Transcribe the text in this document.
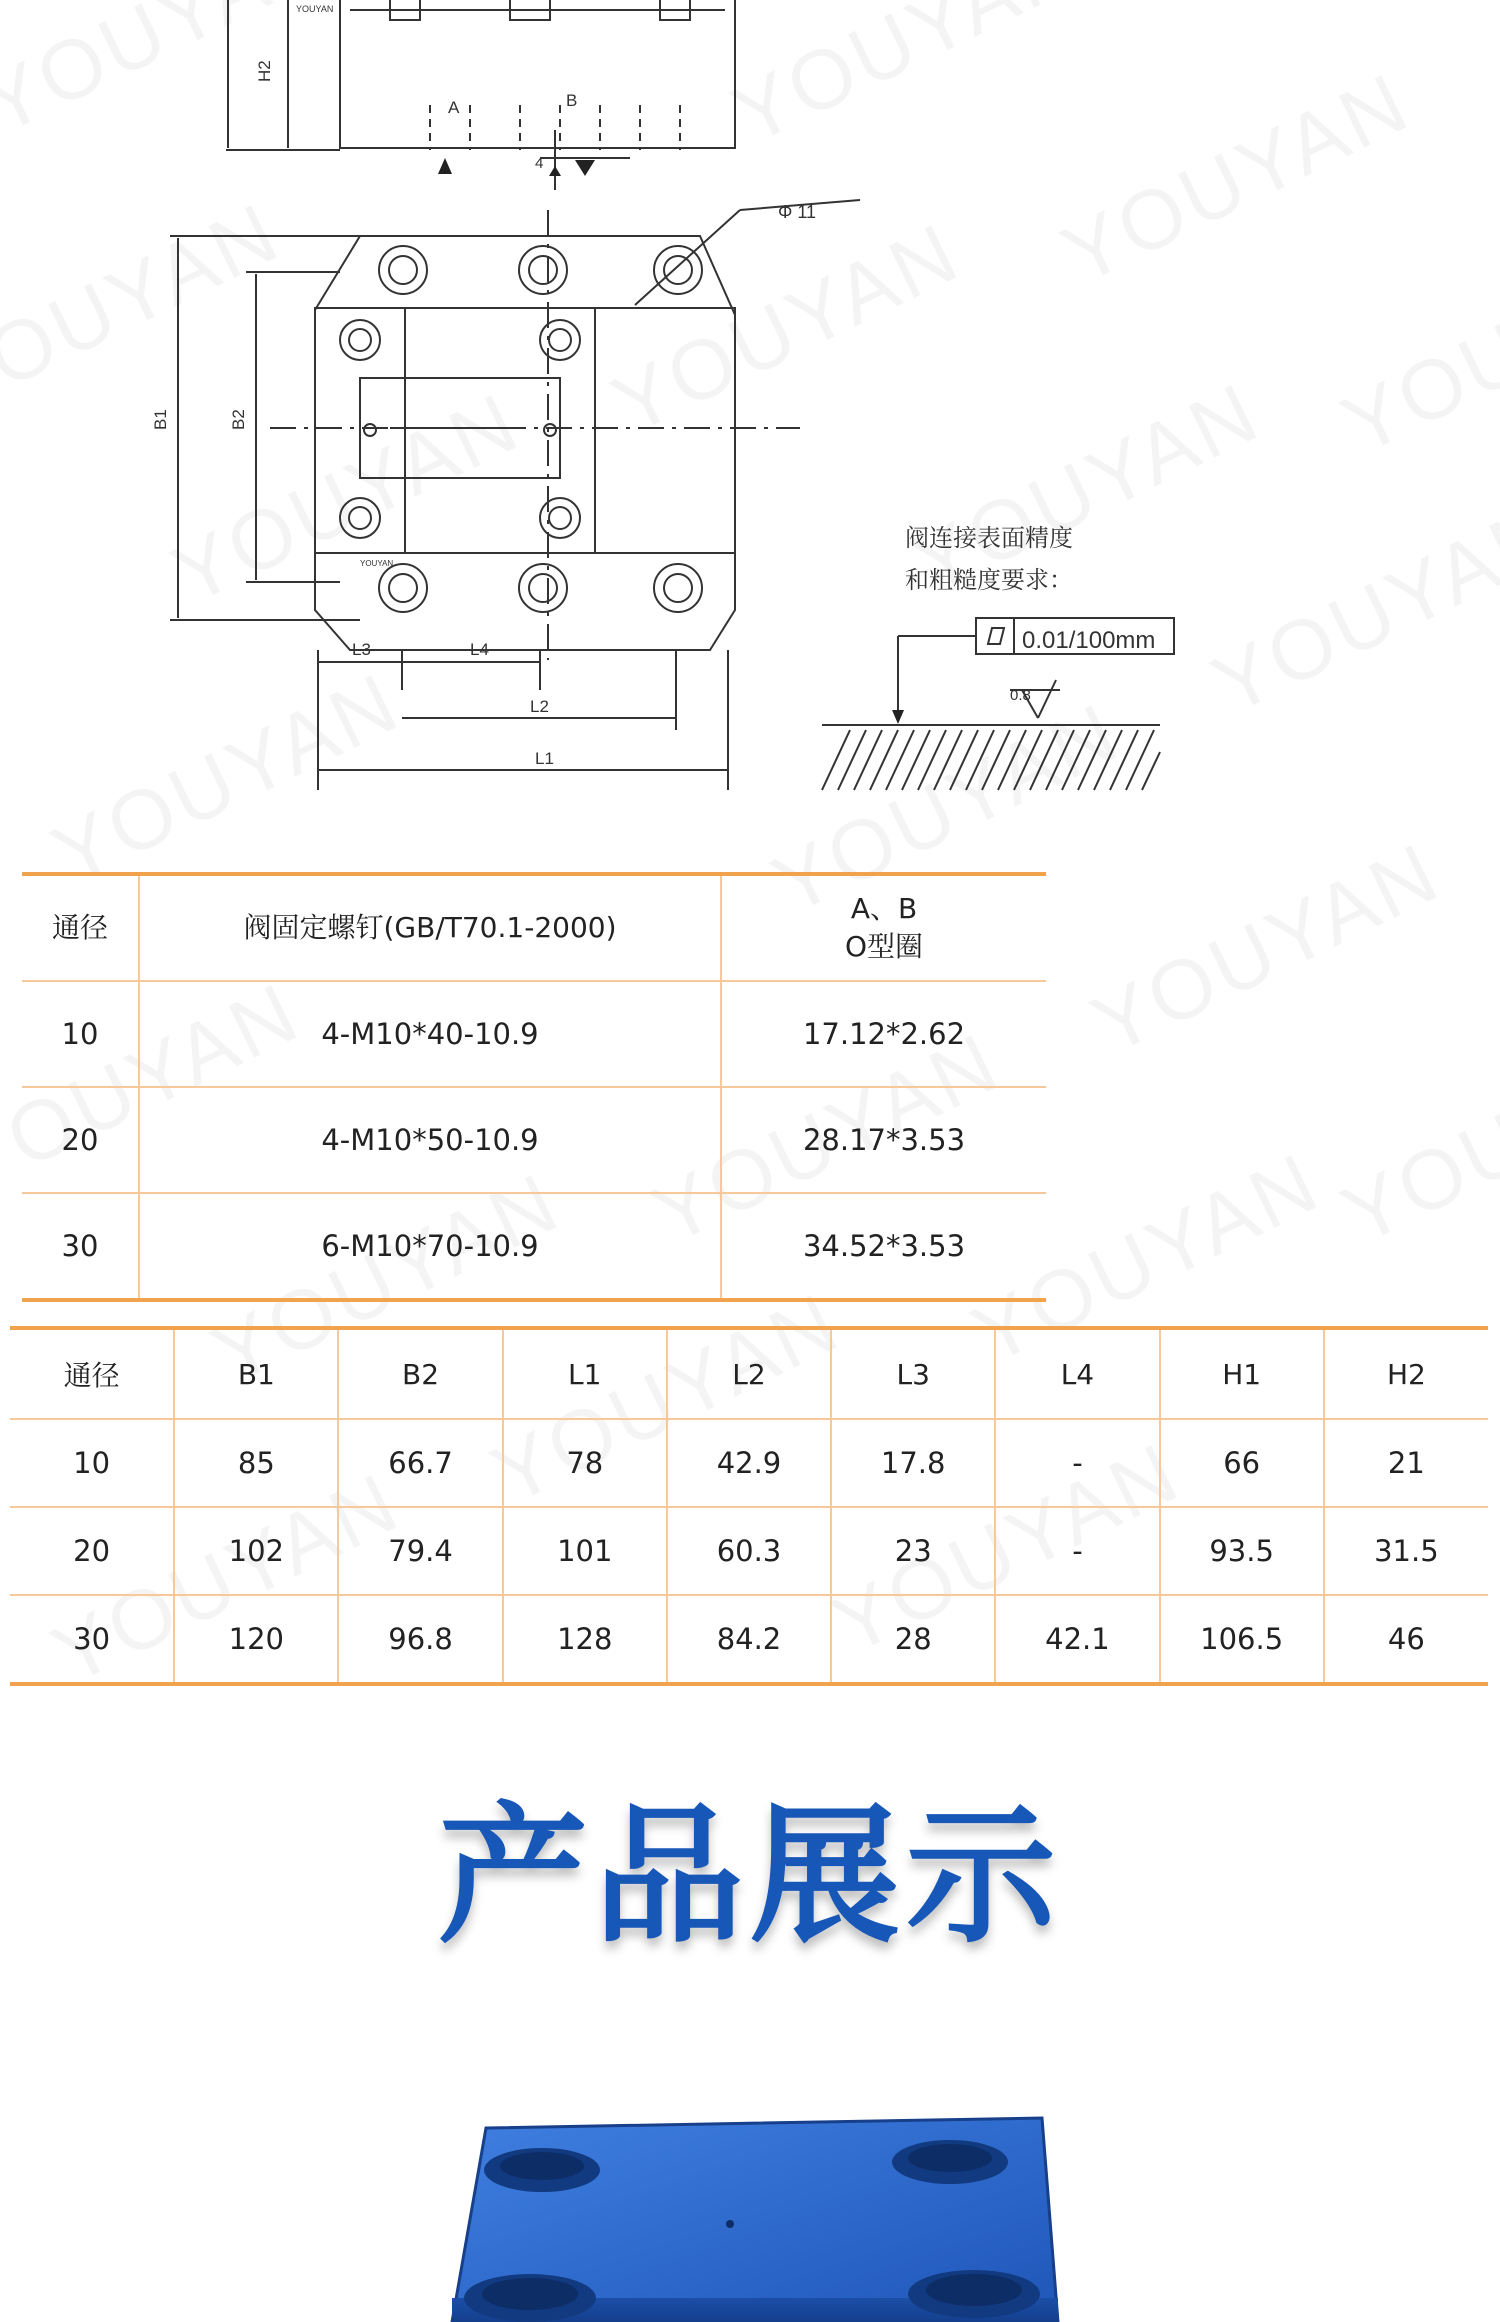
A	B
4
H2
YOUYAN
Φ 11
B1	B2
L3	L4
L2
L1
YOUYAN
阀连接表面精度
和粗糙度要求：
0.01/100mm
0.8
通径	阀固定螺钉(GB/T70.1-2000)	A、B
O型圈

10	4-M10*40-10.9	17.12*2.62
20	4-M10*50-10.9	28.17*3.53
30	6-M10*70-10.9	34.52*3.53
通径	B1	B2	L1	L2	L3	L4	H1	H2
10	85	66.7	78	42.9	17.8	-	66	21
20	102	79.4	101	60.3	23	-	93.5	31.5
30	120	96.8	128	84.2	28	42.1	106.5	46
产品展示
